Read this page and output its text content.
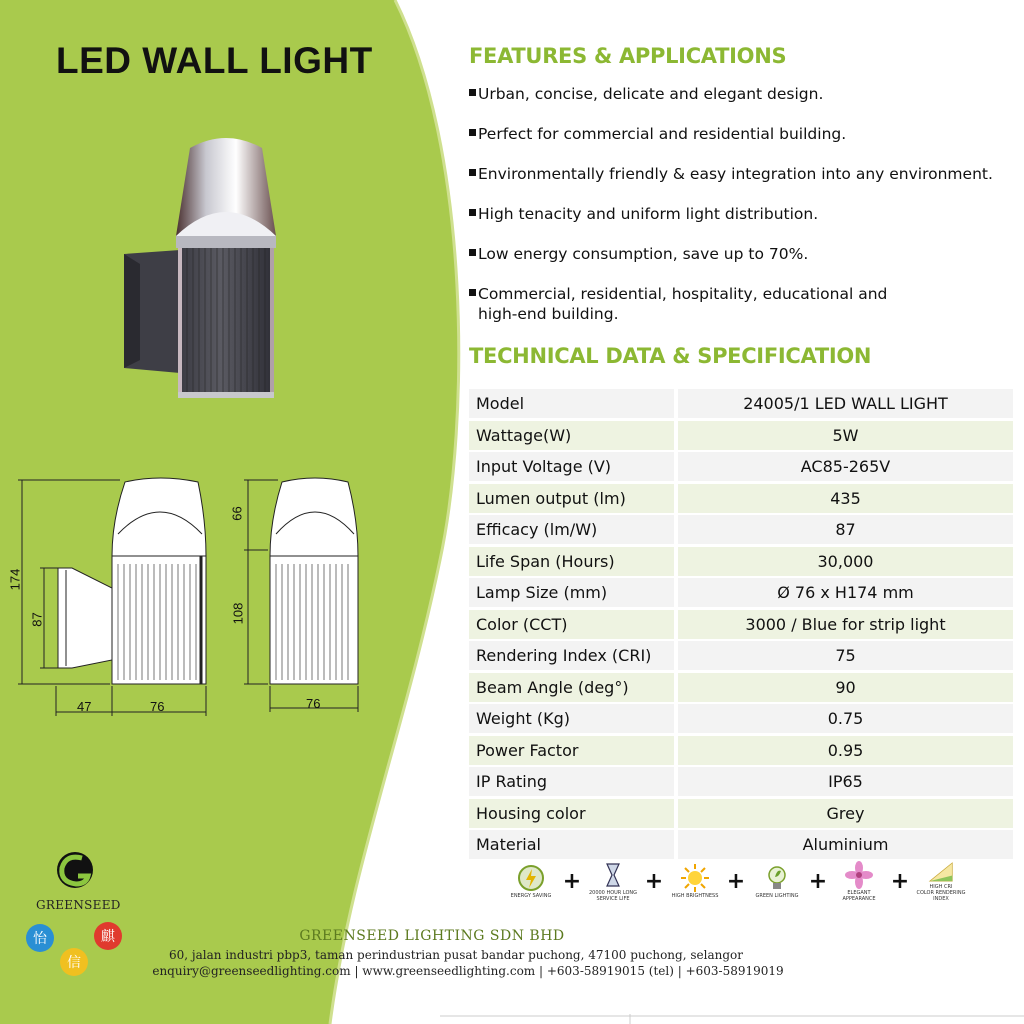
LED WALL LIGHT
174
87
47	76
66
108
76
FEATURES & APPLICATIONS
Urban, concise, delicate and elegant design.
Perfect for commercial and residential building.
Environmentally friendly & easy integration into any environment.
High tenacity and uniform light distribution.
Low energy consumption, save up to 70%.
Commercial, residential, hospitality, educational and high-end building.
TECHNICAL DATA & SPECIFICATION
Model	24005/1 LED WALL LIGHT
Wattage(W)	5W
Input Voltage (V)	AC85-265V
Lumen output (lm)	435
Efficacy (lm/W)	87
Life Span (Hours)	30,000
Lamp Size (mm)	Ø 76 x H174 mm
Color (CCT)	3000 / Blue for strip light
Rendering Index (CRI)	75
Beam Angle (deg°)	90
Weight (Kg)	0.75
Power Factor	0.95
IP Rating	IP65
Housing color	Grey
Material	Aluminium
ENERGY SAVING
+	20000 HOUR LONG SERVICE LIFE
+
HIGH BRIGHTNESS
+
GREEN LIGHTING
+	ELEGANT APPEARANCE
+	HIGH CRI
COLOR RENDERING INDEX
怡	麒
信
GREENSEED
GREENSEED LIGHTING SDN BHD
60, jalan industri pbp3, taman perindustrian pusat bandar puchong, 47100 puchong, selangor
enquiry@greenseedlighting.com | www.greenseedlighting.com | +603-58919015 (tel) | +603-58919019
